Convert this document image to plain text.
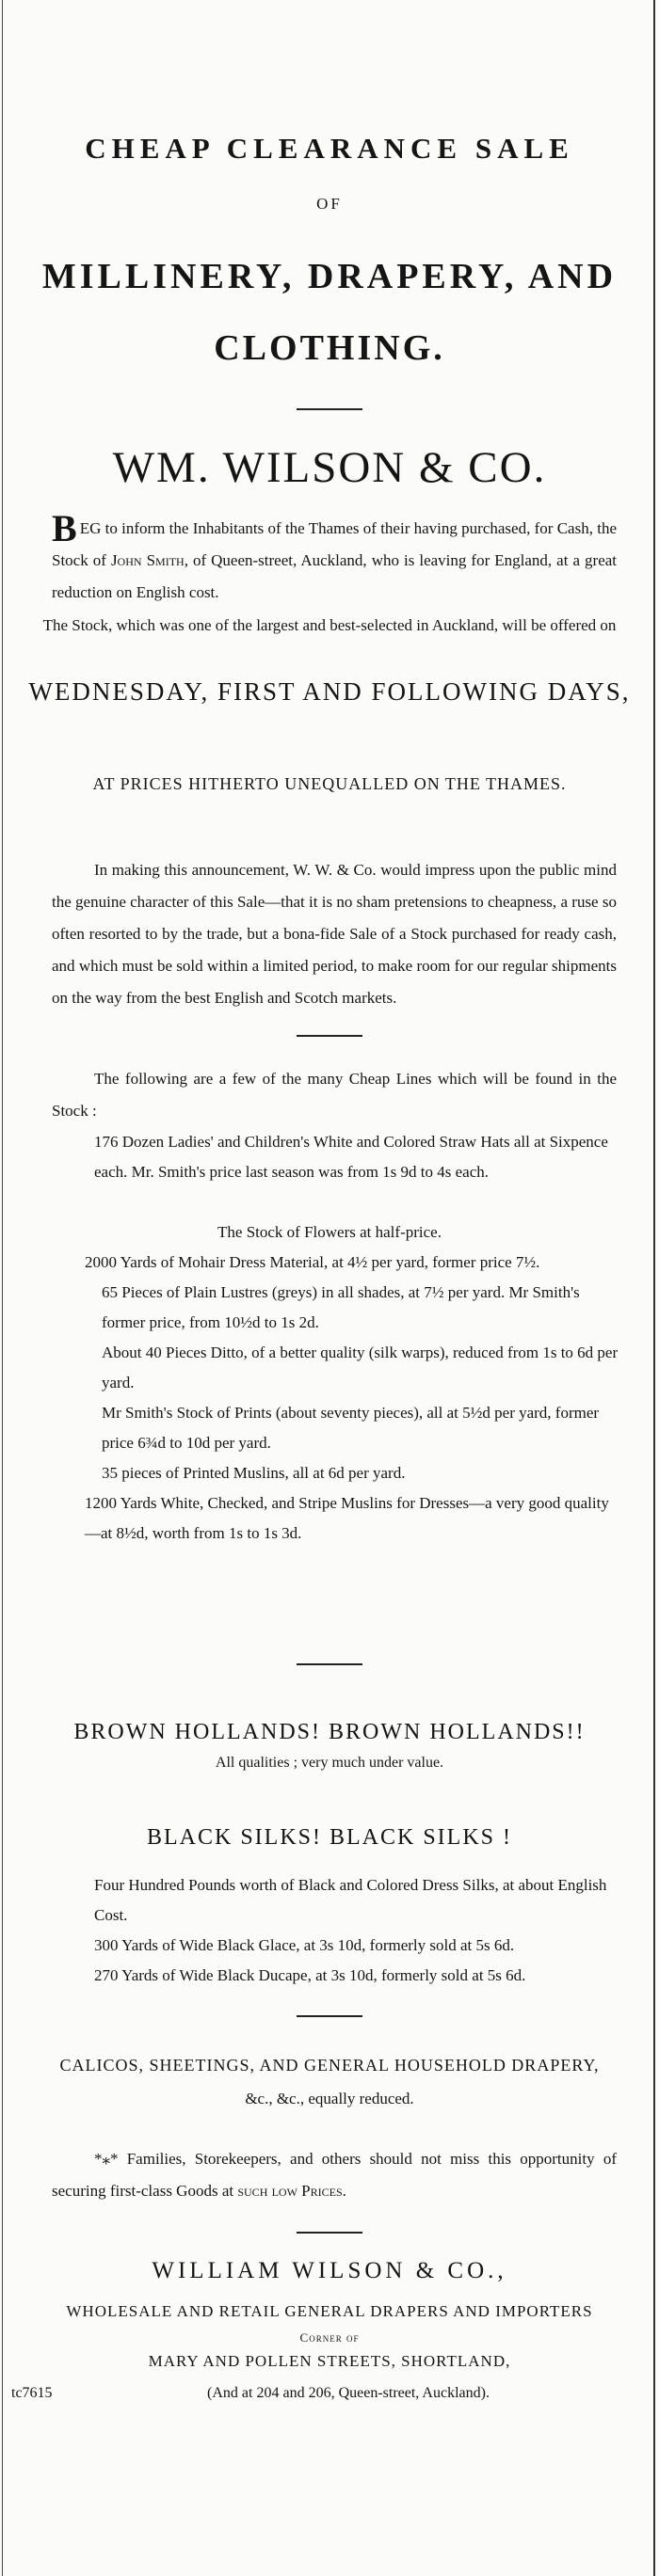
CHEAP CLEARANCE SALE
OF
MILLINERY, DRAPERY, AND
CLOTHING.
WM. WILSON & CO.

BEG to inform the Inhabitants of the Thames of their having purchased, for Cash, the Stock of John Smith, of Queen-street, Auckland, who is leaving for England, at a great reduction on English cost.

The Stock, which was one of the largest and best-selected in Auckland, will be offered on

WEDNESDAY, FIRST AND FOLLOWING DAYS,
AT PRICES HITHERTO UNEQUALLED ON THE THAMES.

In making this announcement, W. W. & Co. would impress upon the public mind the genuine character of this Sale—that it is no sham pretensions to cheapness, a ruse so often resorted to by the trade, but a bona-fide Sale of a Stock purchased for ready cash, and which must be sold within a limited period, to make room for our regular shipments on the way from the best English and Scotch markets.

The following are a few of the many Cheap Lines which will be found in the Stock :

176 Dozen Ladies' and Children's White and Colored Straw Hats all at Sixpence each. Mr. Smith's price last season was from 1s 9d to 4s each.
The Stock of Flowers at half-price.
2000 Yards of Mohair Dress Material, at 4½ per yard, former price 7½.
65 Pieces of Plain Lustres (greys) in all shades, at 7½ per yard. Mr Smith's former price, from 10½d to 1s 2d.
About 40 Pieces Ditto, of a better quality (silk warps), reduced from 1s to 6d per yard.
Mr Smith's Stock of Prints (about seventy pieces), all at 5½d per yard, former price 6¾d to 10d per yard.
35 pieces of Printed Muslins, all at 6d per yard.
1200 Yards White, Checked, and Stripe Muslins for Dresses—a very good quality—at 8½d, worth from 1s to 1s 3d.
BROWN HOLLANDS! BROWN HOLLANDS!!
All qualities ; very much under value.
BLACK SILKS! BLACK SILKS !
Four Hundred Pounds worth of Black and Colored Dress Silks, at about English Cost.
300 Yards of Wide Black Glace, at 3s 10d, formerly sold at 5s 6d.
270 Yards of Wide Black Ducape, at 3s 10d, formerly sold at 5s 6d.
CALICOS, SHEETINGS, AND GENERAL HOUSEHOLD DRAPERY,
&c., &c., equally reduced.

*⁎* Families, Storekeepers, and others should not miss this opportunity of securing first-class Goods at such low Prices.

WILLIAM WILSON & CO.,
WHOLESALE AND RETAIL GENERAL DRAPERS AND IMPORTERS
Corner of
MARY AND POLLEN STREETS, SHORTLAND,
tc7615	(And at 204 and 206, Queen-street, Auckland).
